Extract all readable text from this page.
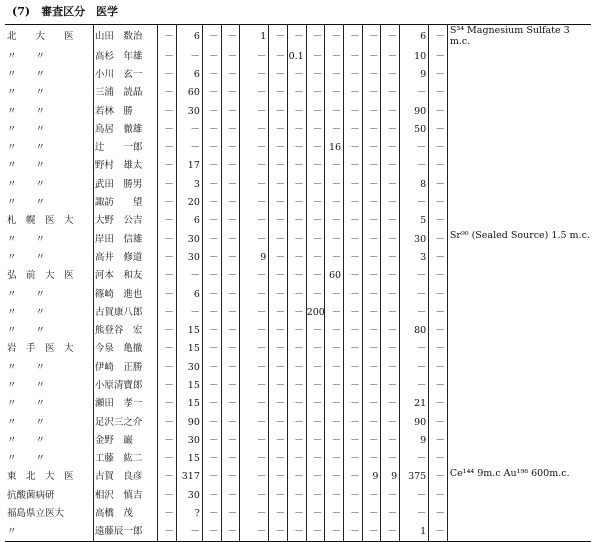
(7)　審査区分　医学
北　　大　　医	山田　数治	－	6	－	－	1	－	－	－	－	－	－	－	6	－	S³⁴ Magnesium Sulfate 3 m.c.
〃　　〃	高杉　年雄	－	－	－	－	－	－	0.1	－	－	－	－	－	10	－	
〃　　〃	小川　玄一	－	6	－	－	－	－	－	－	－	－	－	－	9	－	
〃　　〃	三浦　読晶	－	60	－	－	－	－	－	－	－	－	－	－	－	－	
〃　　〃	若林　勝	－	30	－	－	－	－	－	－	－	－	－	－	90	－	
〃　　〃	鳥居　徹雄	－	－	－	－	－	－	－	－	－	－	－	－	50	－	
〃　　〃	辻　　一郎	－	－	－	－	－	－	－	－	16	－	－	－	－	－	
〃　　〃	野村　雄太	－	17	－	－	－	－	－	－	－	－	－	－	－	－	
〃　　〃	武田　勝男	－	3	－	－	－	－	－	－	－	－	－	－	8	－	
〃　　〃	諏訪　　望	－	20	－	－	－	－	－	－	－	－	－	－	－	－	
札　幌　医　大	大野　公吉	－	6	－	－	－	－	－	－	－	－	－	－	5	－	
〃　　〃	岸田　信雄	－	30	－	－	－	－	－	－	－	－	－	－	30	－	Sr⁹⁰ (Sealed Source) 1.5 m.c.
〃　　〃	高井　修道	－	30	－	－	9	－	－	－	－	－	－	－	3	－	
弘　前　大　医	河本　和友	－	－	－	－	－	－	－	－	60	－	－	－	－	－	
〃　　〃	篠崎　進也	－	6	－	－	－	－	－	－	－	－	－	－	－	－	
〃　　〃	古賀康八郎	－	－	－	－	－	－	－	200	－	－	－	－	－	－	
〃　　〃	熊登谷　宏	－	15	－	－	－	－	－	－	－	－	－	－	80	－	
岩　手　医　大	今泉　亀撤	－	15	－	－	－	－	－	－	－	－	－	－	－	－	
〃　　〃	伊崎　正勝	－	30	－	－	－	－	－	－	－	－	－	－	－	－	
〃　　〃	小原清寶郎	－	15	－	－	－	－	－	－	－	－	－	－	－	－	
〃　　〃	瀬田　孝一	－	15	－	－	－	－	－	－	－	－	－	－	21	－	
〃　　〃	足沢三之介	－	90	－	－	－	－	－	－	－	－	－	－	90	－	
〃　　〃	金野　巌	－	30	－	－	－	－	－	－	－	－	－	－	9	－	
〃　　〃	工藤　紘二	－	15	－	－	－	－	－	－	－	－	－	－	－	－	
東　北　大　医	古賀　良彦	－	317	－	－	－	－	－	－	－	－	9	9	375	－	Ce¹⁴⁴ 9m.c Au¹⁹⁸ 600m.c.
抗酸菌病研	相沢　慎吉	－	30	－	－	－	－	－	－	－	－	－	－	－	－	
福島県立医大	高橋　茂	－	?	－	－	－	－	－	－	－	－	－	－	－	－	
〃	遠藤辰一郎	－	－	－	－	－	－	－	－	－	－	－	－	1	－	
